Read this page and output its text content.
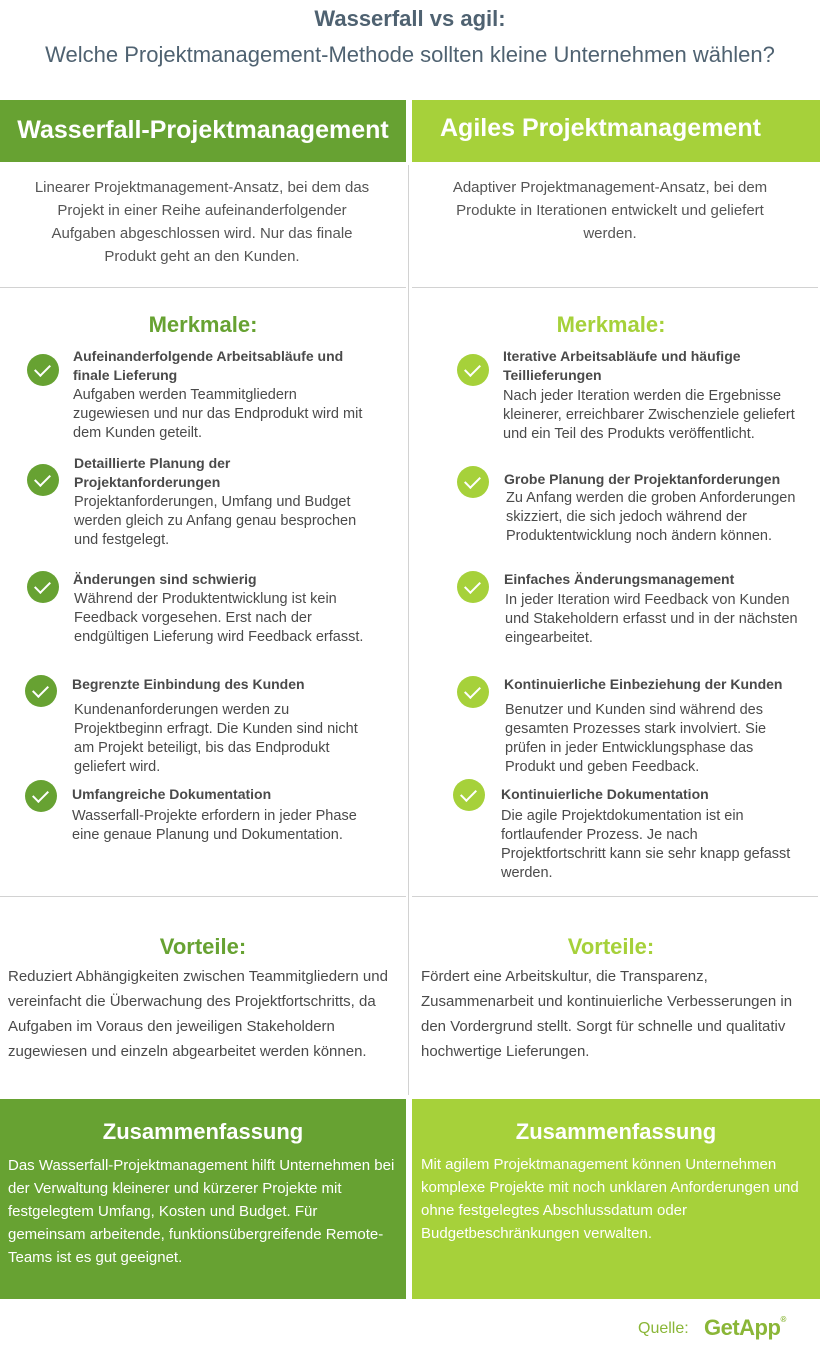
Wasserfall vs agil:
Welche Projektmanagement-Methode sollten kleine Unternehmen wählen?
Wasserfall-Projektmanagement	Agiles Projektmanagement
Linearer Projektmanagement-Ansatz, bei dem das Projekt in einer Reihe aufeinanderfolgender Aufgaben abgeschlossen wird. Nur das finale Produkt geht an den Kunden.
Adaptiver Projektmanagement-Ansatz, bei dem Produkte in Iterationen entwickelt und geliefert werden.
Merkmale:	Merkmale:
Aufeinanderfolgende Arbeitsabläufe und finale Lieferung
Aufgaben werden Teammitgliedern zugewiesen und nur das Endprodukt wird mit dem Kunden geteilt.
Detaillierte Planung der Projektanforderungen
Projektanforderungen, Umfang und Budget werden gleich zu Anfang genau besprochen und festgelegt.
Änderungen sind schwierig
Während der Produktentwicklung ist kein Feedback vorgesehen. Erst nach der endgültigen Lieferung wird Feedback erfasst.
Begrenzte Einbindung des Kunden
Kundenanforderungen werden zu Projektbeginn erfragt. Die Kunden sind nicht am Projekt beteiligt, bis das Endprodukt geliefert wird.
Umfangreiche Dokumentation
Wasserfall-Projekte erfordern in jeder Phase eine genaue Planung und Dokumentation.
Iterative Arbeitsabläufe und häufige Teillieferungen
Nach jeder Iteration werden die Ergebnisse kleinerer, erreichbarer Zwischenziele geliefert und ein Teil des Produkts veröffentlicht.
Grobe Planung der Projektanforderungen
Zu Anfang werden die groben Anforderungen skizziert, die sich jedoch während der Produktentwicklung noch ändern können.
Einfaches Änderungsmanagement
In jeder Iteration wird Feedback von Kunden und Stakeholdern erfasst und in der nächsten eingearbeitet.
Kontinuierliche Einbeziehung der Kunden
Benutzer und Kunden sind während des gesamten Prozesses stark involviert. Sie prüfen in jeder Entwicklungsphase das Produkt und geben Feedback.
Kontinuierliche Dokumentation
Die agile Projektdokumentation ist ein fortlaufender Prozess. Je nach Projektfortschritt kann sie sehr knapp gefasst werden.
Vorteile:	Vorteile:
Reduziert Abhängigkeiten zwischen Teammitgliedern und vereinfacht die Überwachung des Projektfortschritts, da Aufgaben im Voraus den jeweiligen Stakeholdern zugewiesen und einzeln abgearbeitet werden können.
Fördert eine Arbeitskultur, die Transparenz, Zusammenarbeit und kontinuierliche Verbesserungen in den Vordergrund stellt. Sorgt für schnelle und qualitativ hochwertige Lieferungen.
Zusammenfassung
Das Wasserfall-Projektmanagement hilft Unternehmen bei der Verwaltung kleinerer und kürzerer Projekte mit festgelegtem Umfang, Kosten und Budget. Für gemeinsam arbeitende, funktionsübergreifende Remote-Teams ist es gut geeignet.
Zusammenfassung
Mit agilem Projektmanagement können Unternehmen komplexe Projekte mit noch unklaren Anforderungen und ohne festgelegtes Abschlussdatum oder Budgetbeschränkungen verwalten.
Quelle: GetApp®
